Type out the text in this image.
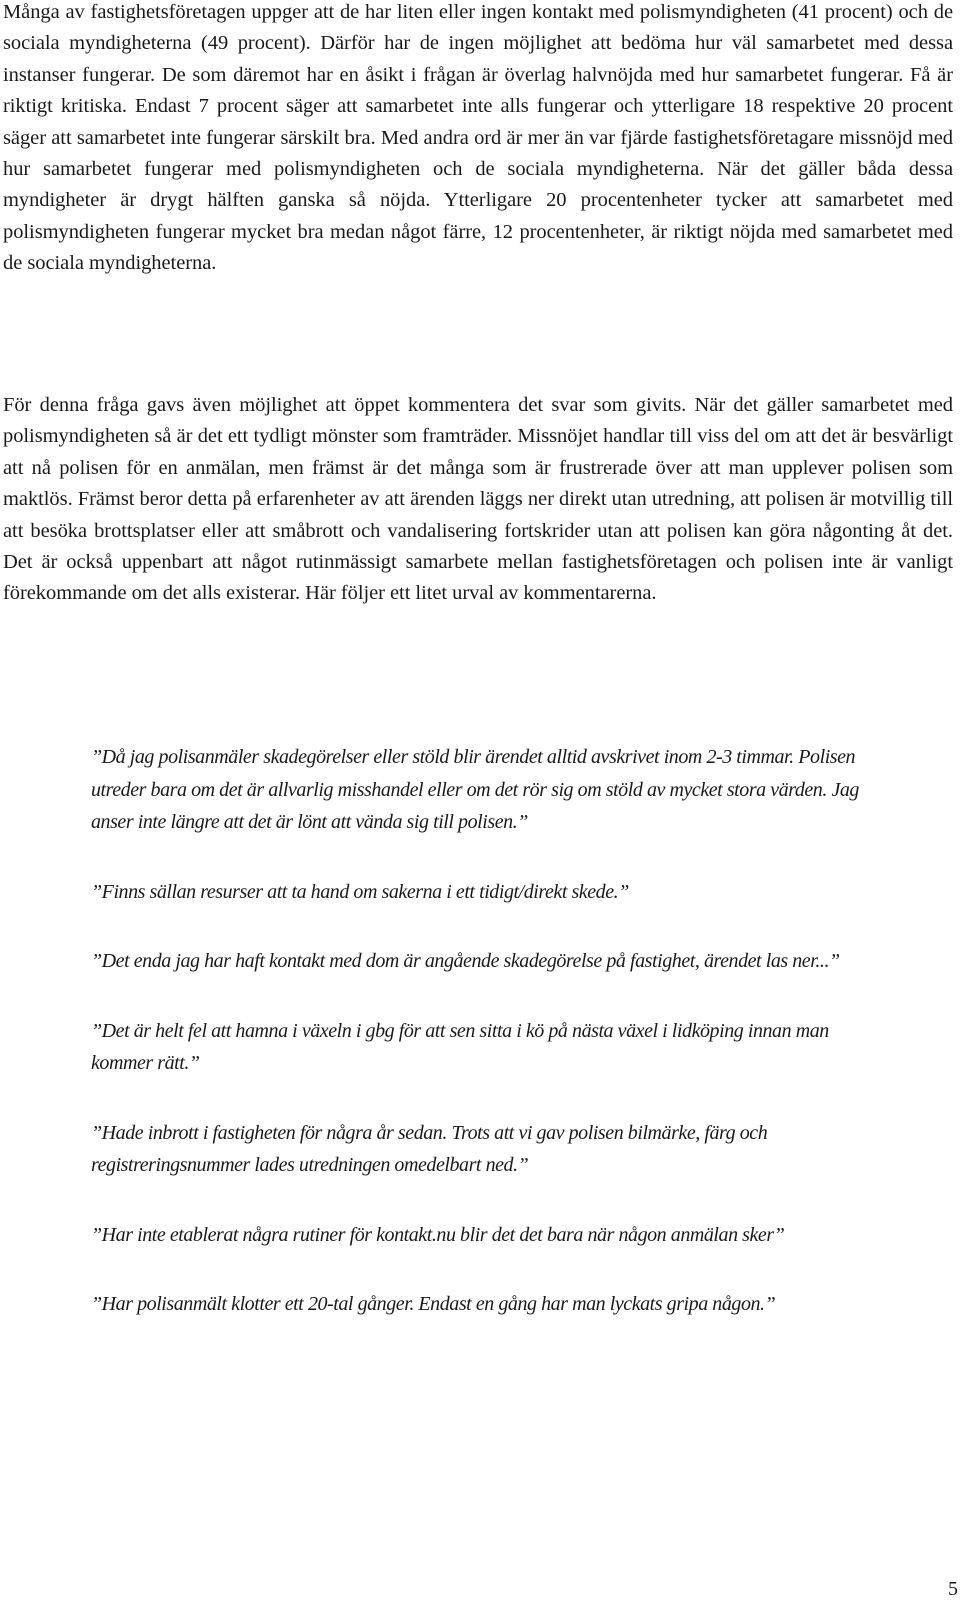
Många av fastighetsföretagen uppger att de har liten eller ingen kontakt med polismyndigheten (41 procent) och de sociala myndigheterna (49 procent). Därför har de ingen möjlighet att bedöma hur väl samarbetet med dessa instanser fungerar. De som däremot har en åsikt i frågan är överlag halvnöjda med hur samarbetet fungerar. Få är riktigt kritiska. Endast 7 procent säger att samarbetet inte alls fungerar och ytterligare 18 respektive 20 procent säger att samarbetet inte fungerar särskilt bra. Med andra ord är mer än var fjärde fastighetsföretagare missnöjd med hur samarbetet fungerar med polismyndigheten och de sociala myndigheterna. När det gäller båda dessa myndigheter är drygt hälften ganska så nöjda. Ytterligare 20 procentenheter tycker att samarbetet med polismyndigheten fungerar mycket bra medan något färre, 12 procentenheter, är riktigt nöjda med samarbetet med de sociala myndigheterna.

För denna fråga gavs även möjlighet att öppet kommentera det svar som givits. När det gäller samarbetet med polismyndigheten så är det ett tydligt mönster som framträder. Missnöjet handlar till viss del om att det är besvärligt att nå polisen för en anmälan, men främst är det många som är frustrerade över att man upplever polisen som maktlös. Främst beror detta på erfarenheter av att ärenden läggs ner direkt utan utredning, att polisen är motvillig till att besöka brottsplatser eller att småbrott och vandalisering fortskrider utan att polisen kan göra någonting åt det. Det är också uppenbart att något rutinmässigt samarbete mellan fastighetsföretagen och polisen inte är vanligt förekommande om det alls existerar. Här följer ett litet urval av kommentarerna.

”Då jag polisanmäler skadegörelser eller stöld blir ärendet alltid avskrivet inom 2-3 timmar. Polisen utreder bara om det är allvarlig misshandel eller om det rör sig om stöld av mycket stora värden. Jag anser inte längre att det är lönt att vända sig till polisen.”

”Finns sällan resurser att ta hand om sakerna i ett tidigt/direkt skede.”

”Det enda jag har haft kontakt med dom är angående skadegörelse på fastighet, ärendet las ner...”

”Det är helt fel att hamna i växeln i gbg för att sen sitta i kö på nästa växel i lidköping innan man kommer rätt.”

”Hade inbrott i fastigheten för några år sedan. Trots att vi gav polisen bilmärke, färg och registreringsnummer lades utredningen omedelbart ned.”

”Har inte etablerat några rutiner för kontakt.nu blir det det bara när någon anmälan sker”

”Har polisanmält klotter ett 20-tal gånger. Endast en gång har man lyckats gripa någon.”

5
